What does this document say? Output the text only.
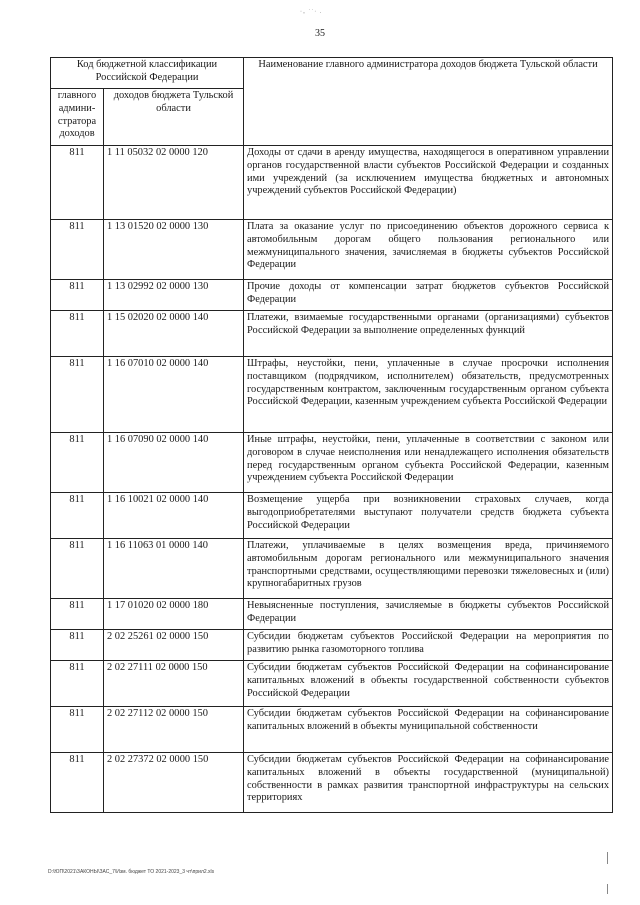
·ₒ ˙˙· .
35
Код бюджетной классификации Российской Федерации		Наименование главного администратора доходов бюджета Тульской области
главного админи-стратора доходов	доходов бюджета Тульской области	
811	1 11 05032 02 0000 120	Доходы от сдачи в аренду имущества, находящегося в оперативном управлении органов государственной власти субъектов Российской Федерации и созданных ими учреждений (за исключением имущества бюджетных и автономных учреждений субъектов Российской Федерации)
811	1 13 01520 02 0000 130	Плата за оказание услуг по присоединению объектов дорожного сервиса к автомобильным дорогам общего пользования регионального или межмуниципального значения, зачисляемая в бюджеты субъектов Российской Федерации
811	1 13 02992 02 0000 130	Прочие доходы от компенсации затрат бюджетов субъектов Российской Федерации
811	1 15 02020 02 0000 140	Платежи, взимаемые государственными органами (организациями) субъектов Российской Федерации за выполнение определенных функций
811	1 16 07010 02 0000 140	Штрафы, неустойки, пени, уплаченные в случае просрочки исполнения поставщиком (подрядчиком, исполнителем) обязательств, предусмотренных государственным контрактом, заключенным государственным органом субъекта Российской Федерации, казенным учреждением субъекта Российской Федерации
811	1 16 07090 02 0000 140	Иные штрафы, неустойки, пени, уплаченные в соответствии с законом или договором в случае неисполнения или ненадлежащего исполнения обязательств перед государственным органом субъекта Российской Федерации, казенным учреждением субъекта Российской Федерации
811	1 16 10021 02 0000 140	Возмещение ущерба при возникновении страховых случаев, когда выгодоприобретателями выступают получатели средств бюджета субъекта Российской Федерации
811	1 16 11063 01 0000 140	Платежи, уплачиваемые в целях возмещения вреда, причиняемого автомобильным дорогам регионального или межмуниципального значения транспортными средствами, осуществляющими перевозки тяжеловесных и (или) крупногабаритных грузов
811	1 17 01020 02 0000 180	Невыясненные поступления, зачисляемые в бюджеты субъектов Российской Федерации
811	2 02 25261 02 0000 150	Субсидии бюджетам субъектов Российской Федерации на мероприятия по развитию рынка газомоторного топлива
811	2 02 27111 02 0000 150	Субсидии бюджетам субъектов Российской Федерации на софинансирование капитальных вложений в объекты государственной собственности субъектов Российской Федерации
811	2 02 27112 02 0000 150	Субсидии бюджетам субъектов Российской Федерации на софинансирование капитальных вложений в объекты муниципальной собственности
811	2 02 27372 02 0000 150	Субсидии бюджетам субъектов Российской Федерации на софинансирование капитальных вложений в объекты государственной (муниципальной) собственности в рамках развития транспортной инфраструктуры на сельских территориях
D:\ЮП\2021\ЗАКОНЫ\ЗАС_7\Изм. бюджет ТО 2021-2023_3 чт\прил2.xls
